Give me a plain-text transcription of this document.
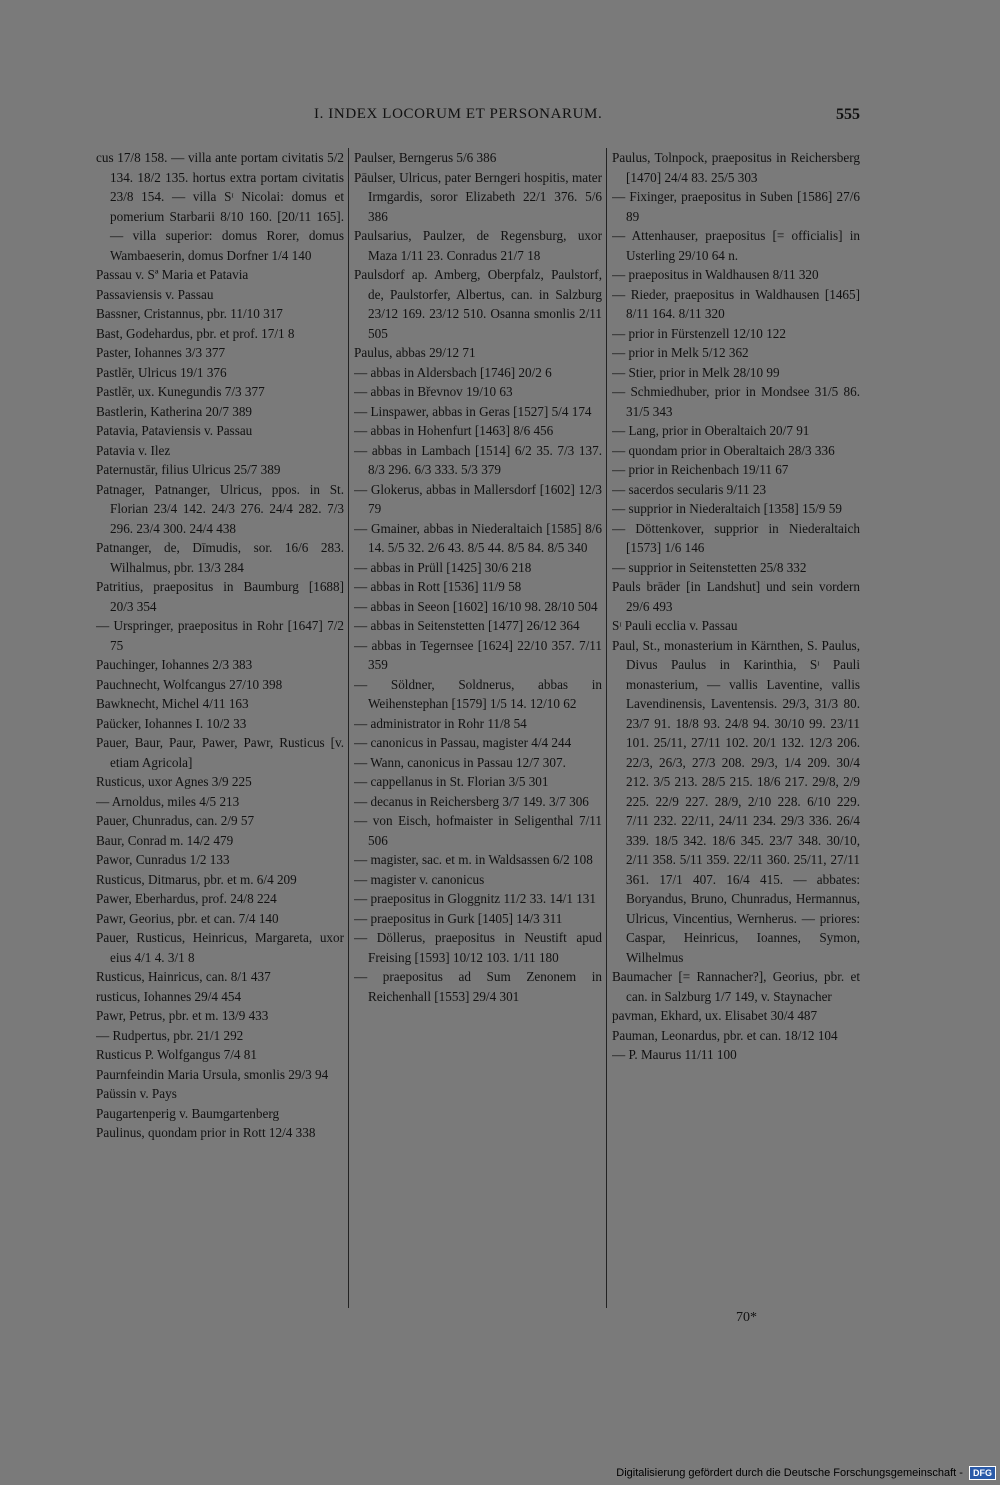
I. INDEX LOCORUM ET PERSONARUM.	555

cus 17/8 158. — villa ante portam civitatis 5/2 134. 18/2 135. hortus extra portam civitatis 23/8 154. — villa Sᶦ Nicolai: domus et pomerium Starbarii 8/10 160. [20/11 165]. — villa superior: domus Rorer, domus Wambaeserin, domus Dorfner 1/4 140

Passau v. Sª Maria et Patavia

Passaviensis v. Passau

Bassner, Cristannus, pbr. 11/10 317

Bast, Godehardus, pbr. et prof. 17/1 8

Paster, Iohannes 3/3 377

Pastlēr, Ulricus 19/1 376

Pastlēr, ux. Kunegundis 7/3 377

Bastlerin, Katherina 20/7 389

Patavia, Pataviensis v. Passau

Patavia v. Ilez

Paternustār, filius Ulricus 25/7 389

Patnager, Patnanger, Ulricus, ppos. in St. Florian 23/4 142. 24/3 276. 24/4 282. 7/3 296. 23/4 300. 24/4 438

Patnanger, de, Dīmudis, sor. 16/6 283. Wilhalmus, pbr. 13/3 284

Patritius, praepositus in Baumburg [1688] 20/3 354

— Urspringer, praepositus in Rohr [1647] 7/2 75

Pauchinger, Iohannes 2/3 383

Pauchnecht, Wolfcangus 27/10 398

Bawknecht, Michel 4/11 163

Paücker, Iohannes I. 10/2 33

Pauer, Baur, Paur, Pawer, Pawr, Rusticus [v. etiam Agricola]

Rusticus, uxor Agnes 3/9 225

— Arnoldus, miles 4/5 213

Pauer, Chunradus, can. 2/9 57

Baur, Conrad m. 14/2 479

Pawor, Cunradus 1/2 133

Rusticus, Ditmarus, pbr. et m. 6/4 209

Pawer, Eberhardus, prof. 24/8 224

Pawr, Georius, pbr. et can. 7/4 140

Pauer, Rusticus, Heinricus, Margareta, uxor eius 4/1 4. 3/1 8

Rusticus, Hainricus, can. 8/1 437

rusticus, Iohannes 29/4 454

Pawr, Petrus, pbr. et m. 13/9 433

— Rudpertus, pbr. 21/1 292

Rusticus P. Wolfgangus 7/4 81

Paurnfeindin Maria Ursula, smonlis 29/3 94

Paüssin v. Pays

Paugartenperig v. Baumgartenberg

Paulinus, quondam prior in Rott 12/4 338

Paulser, Berngerus 5/6 386

Pāulser, Ulricus, pater Berngeri hospitis, mater Irmgardis, soror Elizabeth 22/1 376. 5/6 386

Paulsarius, Paulzer, de Regensburg, uxor Maza 1/11 23. Conradus 21/7 18

Paulsdorf ap. Amberg, Oberpfalz, Paulstorf, de, Paulstorfer, Albertus, can. in Salzburg 23/12 169. 23/12 510. Osanna smonlis 2/11 505

Paulus, abbas 29/12 71

— abbas in Aldersbach [1746] 20/2 6

— abbas in Břevnov 19/10 63

— Linspawer, abbas in Geras [1527] 5/4 174

— abbas in Hohenfurt [1463] 8/6 456

— abbas in Lambach [1514] 6/2 35. 7/3 137. 8/3 296. 6/3 333. 5/3 379

— Glokerus, abbas in Mallersdorf [1602] 12/3 79

— Gmainer, abbas in Niederaltaich [1585] 8/6 14. 5/5 32. 2/6 43. 8/5 44. 8/5 84. 8/5 340

— abbas in Prüll [1425] 30/6 218

— abbas in Rott [1536] 11/9 58

— abbas in Seeon [1602] 16/10 98. 28/10 504

— abbas in Seitenstetten [1477] 26/12 364

— abbas in Tegernsee [1624] 22/10 357. 7/11 359

— Söldner, Soldnerus, abbas in Weihenstephan [1579] 1/5 14. 12/10 62

— administrator in Rohr 11/8 54

— canonicus in Passau, magister 4/4 244

— Wann, canonicus in Passau 12/7 307.

— cappellanus in St. Florian 3/5 301

— decanus in Reichersberg 3/7 149. 3/7 306

— von Eisch, hofmaister in Seligenthal 7/11 506

— magister, sac. et m. in Waldsassen 6/2 108

— magister v. canonicus

— praepositus in Gloggnitz 11/2 33. 14/1 131

— praepositus in Gurk [1405] 14/3 311

— Döllerus, praepositus in Neustift apud Freising [1593] 10/12 103. 1/11 180

— praepositus ad Sum Zenonem in Reichenhall [1553] 29/4 301

Paulus, Tolnpock, praepositus in Reichersberg [1470] 24/4 83. 25/5 303

— Fixinger, praepositus in Suben [1586] 27/6 89

— Attenhauser, praepositus [= officialis] in Usterling 29/10 64 n.

— praepositus in Waldhausen 8/11 320

— Rieder, praepositus in Waldhausen [1465] 8/11 164. 8/11 320

— prior in Fürstenzell 12/10 122

— prior in Melk 5/12 362

— Stier, prior in Melk 28/10 99

— Schmiedhuber, prior in Mondsee 31/5 86. 31/5 343

— Lang, prior in Oberaltaich 20/7 91

— quondam prior in Oberaltaich 28/3 336

— prior in Reichenbach 19/11 67

— sacerdos secularis 9/11 23

— supprior in Niederaltaich [1358] 15/9 59

— Döttenkover, supprior in Niederaltaich [1573] 1/6 146

— supprior in Seitenstetten 25/8 332

Pauls brāder [in Landshut] und sein vordern 29/6 493

Sᶦ Pauli ecclia v. Passau

Paul, St., monasterium in Kärnthen, S. Paulus, Divus Paulus in Karinthia, Sᶦ Pauli monasterium, — vallis Laventine, vallis Lavendinensis, Laventensis. 29/3, 31/3 80. 23/7 91. 18/8 93. 24/8 94. 30/10 99. 23/11 101. 25/11, 27/11 102. 20/1 132. 12/3 206. 22/3, 26/3, 27/3 208. 29/3, 1/4 209. 30/4 212. 3/5 213. 28/5 215. 18/6 217. 29/8, 2/9 225. 22/9 227. 28/9, 2/10 228. 6/10 229. 7/11 232. 22/11, 24/11 234. 29/3 336. 26/4 339. 18/5 342. 18/6 345. 23/7 348. 30/10, 2/11 358. 5/11 359. 22/11 360. 25/11, 27/11 361. 17/1 407. 16/4 415. — abbates: Boryandus, Bruno, Chunradus, Hermannus, Ulricus, Vincentius, Wernherus. — priores: Caspar, Heinricus, Ioannes, Symon, Wilhelmus

Baumacher [= Rannacher?], Georius, pbr. et can. in Salzburg 1/7 149, v. Staynacher

pavman, Ekhard, ux. Elisabet 30/4 487

Pauman, Leonardus, pbr. et can. 18/12 104

— P. Maurus 11/11 100

70*
Digitalisierung gefördert durch die Deutsche Forschungsgemeinschaft - DFG
